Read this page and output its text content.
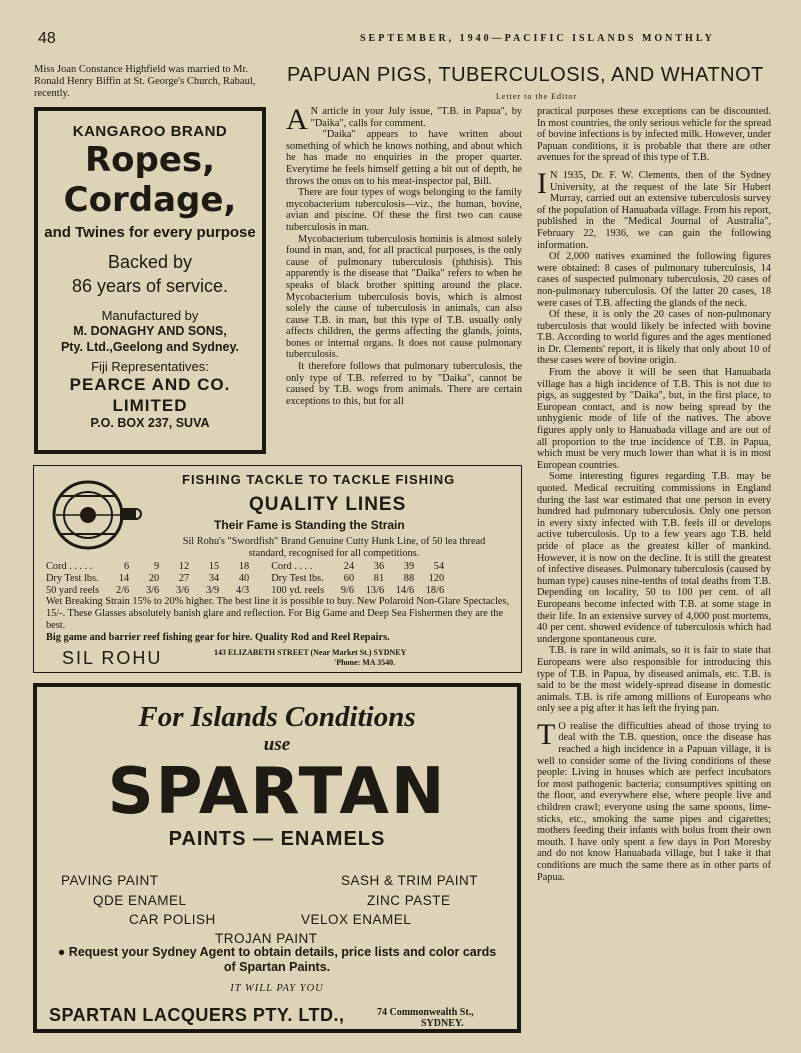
48	SEPTEMBER, 1940—PACIFIC ISLANDS MONTHLY
Miss Joan Constance Highfield was married to Mr. Ronald Henry Biffin at St. George's Church, Rabaul, recently.
PAPUAN PIGS, TUBERCULOSIS, AND WHATNOT
Letter to the Editor

A N article in your July issue, "T.B. in Papua", by "Daika", calls for comment.

"Daika" appears to have written about something of which he knows nothing, and about which he has made no enquiries in the proper quarter. Everytime he feels himself getting a bit out of depth, he throws the onus on to his meat-inspector pal, Bill.

There are four types of wogs belonging to the family mycobacterium tuberculosis—viz., the human, bovine, avian and piscine. Of these the first two can cause tuberculosis in man.

Mycobacterium tuberculosis hominis is almost solely found in man, and, for all practical purposes, is the only cause of pulmonary tuberculosis (phthisis). This apparently is the disease that "Daika" refers to when he speaks of black brother spitting around the place. Mycobacterium tuberculosis bovis, which is almost solely the cause of tuberculosis in animals, can also cause T.B. in man, but this type of T.B. usually only affects children, the germs affecting the glands, joints, bones or internal organs. It does not cause pulmonary tuberculosis.

It therefore follows that pulmonary tuberculosis, the only type of T.B. referred to by "Daika", cannot be caused by T.B. wogs from animals. There are certain exceptions to this, but for all

practical purposes these exceptions can be discounted. In most countries, the only serious vehicle for the spread of bovine infections is by infected milk. However, under Papuan conditions, it is probable that there are other avenues for the spread of this type of T.B.

I N 1935, Dr. F. W. Clements, then of the Sydney University, at the request of the late Sir Hubert Murray, carried out an extensive tuberculosis survey of the population of Hanuabada village. From his report, published in the "Medical Journal of Australia", February 22, 1936, we can gain the following information.

Of 2,000 natives examined the following figures were obtained: 8 cases of pulmonary tuberculosis, 14 cases of suspected pulmonary tuberculosis, 20 cases of non-pulmonary tuberculosis. Of the latter 20 cases, 18 were cases of T.B. affecting the glands of the neck.

Of these, it is only the 20 cases of non-pulmonary tuberculosis that would likely be infected with bovine T.B. According to world figures and the ages mentioned in Dr. Clements' report, it is likely that only about 10 of these cases were of bovine origin.

From the above it will be seen that Hanuabada village has a high incidence of T.B. This is not due to pigs, as suggested by "Daika", but, in the first place, to European contact, and is now being spread by the unhygienic mode of life of the natives. The above figures apply only to Hanuabada village and are out of all proportion to the true incidence of T.B. in Papua, which must be very much lower than what it is in most European countries.

Some interesting figures regarding T.B. may be quoted. Medical recruiting commissions in England during the last war estimated that one person in every hundred had pulmonary tuberculosis. Only one person in every sixty infected with T.B. feels ill or develops active tuberculosis. Up to a few years ago T.B. held pride of place as the greatest killer of mankind. However, it is now on the decline. It is still the greatest of infective diseases. Pulmonary tuberculosis (caused by human type) causes nine-tenths of total deaths from T.B. Depending on locality, 50 to 100 per cent. of all Europeans become infected with T.B. at some stage in their life. In an extensive survey of 4,000 post mortems, 40 per cent. showed evidence of tuberculosis which had undergone spontaneous cure.

T.B. is rare in wild animals, so it is fair to state that Europeans were also responsible for introducing this type of T.B. in Papua, by diseased animals, etc. T.B. is said to be the most widely-spread disease in domestic animals. T.B. is rife among millions of Europeans who only see a pig after it has left the frying pan.

T O realise the difficulties ahead of those trying to deal with the T.B. question, once the disease has reached a high incidence in a Papuan village, it is well to consider some of the living conditions of these people: Living in houses which are perfect incubators for most pathogenic bacteria; consumptives spitting on the floor, and everywhere else, where people live and children crawl; everyone using the same spoons, lime-sticks, etc., smoking the same pipes and cigarettes; mothers feeding their infants with bolus from their own mouth. I have only spent a few days in Port Moresby and do not know Hanuabada village, but I take it that conditions are much the same there as in other parts of Papua.

KANGAROO BRAND
Ropes,
Cordage,
and Twines for every purpose
Backed by
86 years of service.
Manufactured by
M. DONAGHY AND SONS,
Pty. Ltd.,Geelong and Sydney.
Fiji Representatives:
PEARCE AND CO.
LIMITED
P.O. BOX 237, SUVA
FISHING TACKLE TO TACKLE FISHING
QUALITY LINES
Their Fame is Standing the Strain
Sil Rohu's "Swordfish" Brand Genuine Cutty Hunk Line, of 50 lea thread standard, recognised for all competitions.
Cord . . . . .	6	9	12	15	18	Cord . . . .	24	36	39	54
Dry Test lbs.	14	20	27	34	40	Dry Test lbs.	60	81	88	120
50 yard reels	2/6	3/6	3/6	3/9	4/3	100 yd. reels	9/6	13/6	14/6	18/6
Wet Breaking Strain 15% to 20% higher. The best line it is possible to buy. New Polaroid Non-Glare Spectacles, 15/-. These Glasses absolutely banish glare and reflection. For Big Game and Deep Sea Fishermen they are the best.
Big game and barrier reef fishing gear for hire. Quality Rod and Reel Repairs.
SIL ROHU	143 ELIZABETH STREET (Near Market St.) SYDNEY
'Phone: MA 3540.
For Islands Conditions
use
SPARTAN
PAINTS — ENAMELS
PAVING PAINT	SASH & TRIM PAINT
QDE ENAMEL	ZINC PASTE
CAR POLISH	VELOX ENAMEL
TROJAN PAINT
● Request your Sydney Agent to obtain details, price lists and color cards of Spartan Paints.
IT WILL PAY YOU
SPARTAN LACQUERS PTY. LTD.,	74 Commonwealth St.,
SYDNEY.
